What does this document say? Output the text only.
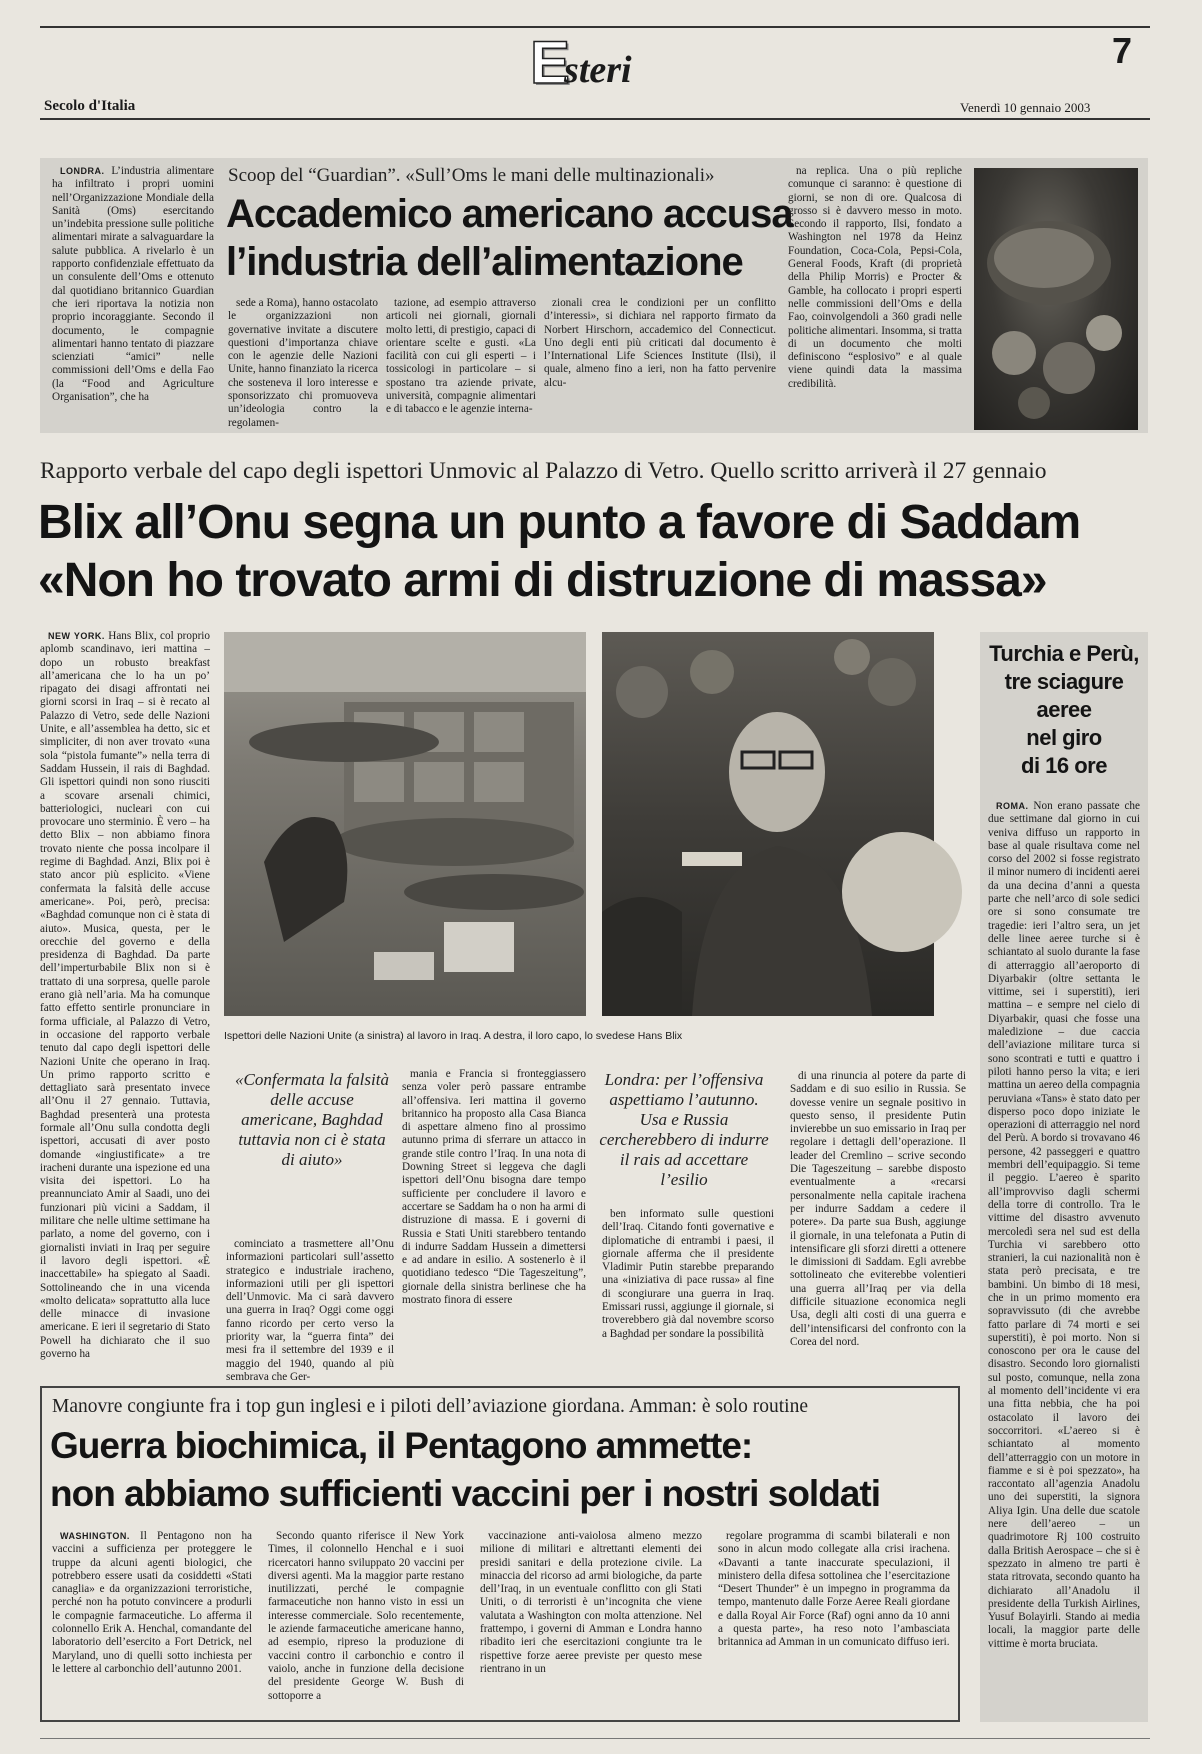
E
steri	7
Secolo d'Italia	Venerdì 10 gennaio 2003
Scoop del “Guardian”. «Sull’Oms le mani delle multinazionali»
Accademico americano accusa
l’industria dell’alimentazione

LONDRA. L’industria alimentare ha infiltrato i propri uomini nell’Organizzazione Mondiale della Sanità (Oms) esercitando un’indebita pressione sulle politiche alimentari mirate a salvaguardare la salute pubblica. A rivelarlo è un rapporto confidenziale effettuato da un consulente dell’Oms e ottenuto dal quotidiano britannico Guardian che ieri riportava la notizia non proprio incoraggiante. Secondo il documento, le compagnie alimentari hanno tentato di piazzare scienziati “amici” nelle commissioni dell’Oms e della Fao (la “Food and Agriculture Organisation”, che ha

sede a Roma), hanno ostacolato le organizzazioni non governative invitate a discutere questioni d’importanza chiave con le agenzie delle Nazioni Unite, hanno finanziato la ricerca che sosteneva il loro interesse e sponsorizzato chi promuoveva un’ideologia contro la regolamen-

tazione, ad esempio attraverso articoli nei giornali, giornali molto letti, di prestigio, capaci di orientare scelte e gusti. «La facilità con cui gli esperti – i tossicologi in particolare – si spostano tra aziende private, università, compagnie alimentari e di tabacco e le agenzie interna-

zionali crea le condizioni per un conflitto d’interessi», si dichiara nel rapporto firmato da Norbert Hirschorn, accademico del Connecticut. Uno degli enti più criticati dal documento è l’International Life Sciences Institute (Ilsi), il quale, almeno fino a ieri, non ha fatto pervenire alcu-

na replica. Una o più repliche comunque ci saranno: è questione di giorni, se non di ore. Qualcosa di grosso si è davvero messo in moto. Secondo il rapporto, Ilsi, fondato a Washington nel 1978 da Heinz Foundation, Coca-Cola, Pepsi-Cola, General Foods, Kraft (di proprietà della Philip Morris) e Procter & Gamble, ha collocato i propri esperti nelle commissioni dell’Oms e della Fao, coinvolgendoli a 360 gradi nelle politiche alimentari. Insomma, si tratta di un documento che molti definiscono “esplosivo” e al quale viene quindi data la massima credibilità.

Rapporto verbale del capo degli ispettori Unmovic al Palazzo di Vetro. Quello scritto arriverà il 27 gennaio
Blix all’Onu segna un punto a favore di Saddam
«Non ho trovato armi di distruzione di massa»

NEW YORK. Hans Blix, col proprio aplomb scandinavo, ieri mattina – dopo un robusto breakfast all’americana che lo ha un po’ ripagato dei disagi affrontati nei giorni scorsi in Iraq – si è recato al Palazzo di Vetro, sede delle Nazioni Unite, e all’assemblea ha detto, sic et simpliciter, di non aver trovato «una sola “pistola fumante”» nella terra di Saddam Hussein, il rais di Baghdad. Gli ispettori quindi non sono riusciti a scovare arsenali chimici, batteriologici, nucleari con cui provocare uno sterminio. È vero – ha detto Blix – non abbiamo finora trovato niente che possa incolpare il regime di Baghdad. Anzi, Blix poi è stato ancor più esplicito. «Viene confermata la falsità delle accuse americane». Poi, però, precisa: «Baghdad comunque non ci è stata di aiuto». Musica, questa, per le orecchie del governo e della presidenza di Baghdad. Da parte dell’imperturbabile Blix non si è trattato di una sorpresa, quelle parole erano già nell’aria. Ma ha comunque fatto effetto sentirle pronunciare in forma ufficiale, al Palazzo di Vetro, in occasione del rapporto verbale tenuto dal capo degli ispettori delle Nazioni Unite che operano in Iraq. Un primo rapporto scritto e dettagliato sarà presentato invece all’Onu il 27 gennaio. Tuttavia, Baghdad presenterà una protesta formale all’Onu sulla condotta degli ispettori, accusati di aver posto domande «ingiustificate» a tre iracheni durante una ispezione ed una visita dei ispettori. Lo ha preannunciato Amir al Saadi, uno dei funzionari più vicini a Saddam, il militare che nelle ultime settimane ha parlato, a nome del governo, con i giornalisti inviati in Iraq per seguire il lavoro degli ispettori. «È inaccettabile» ha spiegato al Saadi. Sottolineando che in una vicenda «molto delicata» soprattutto alla luce delle minacce di invasione americane. E ieri il segretario di Stato Powell ha dichiarato che il suo governo ha

Ispettori delle Nazioni Unite (a sinistra) al lavoro in Iraq. A destra, il loro capo, lo svedese Hans Blix
«Confermata la falsità delle accuse americane, Baghdad tuttavia non ci è stata di aiuto»

cominciato a trasmettere all’Onu informazioni particolari sull’assetto strategico e industriale iracheno, informazioni utili per gli ispettori dell’Unmovic. Ma ci sarà davvero una guerra in Iraq? Oggi come oggi fanno ricordo per certo verso la priority war, la “guerra finta” dei mesi fra il settembre del 1939 e il maggio del 1940, quando al più sembrava che Ger-

mania e Francia si fronteggiassero senza voler però passare entrambe all’offensiva. Ieri mattina il governo britannico ha proposto alla Casa Bianca di aspettare almeno fino al prossimo autunno prima di sferrare un attacco in grande stile contro l’Iraq. In una nota di Downing Street si leggeva che dagli ispettori dell’Onu bisogna dare tempo sufficiente per concludere il lavoro e accertare se Saddam ha o non ha armi di distruzione di massa. E i governi di Russia e Stati Uniti starebbero tentando di indurre Saddam Hussein a dimettersi e ad andare in esilio. A sostenerlo è il quotidiano tedesco “Die Tageszeitung”, giornale della sinistra berlinese che ha mostrato finora di essere

Londra: per l’offensiva aspettiamo l’autunno. Usa e Russia cercherebbero di indurre il rais ad accettare l’esilio

ben informato sulle questioni dell’Iraq. Citando fonti governative e diplomatiche di entrambi i paesi, il giornale afferma che il presidente Vladimir Putin starebbe preparando una «iniziativa di pace russa» al fine di scongiurare una guerra in Iraq. Emissari russi, aggiunge il giornale, si troverebbero già dal novembre scorso a Baghdad per sondare la possibilità

di una rinuncia al potere da parte di Saddam e di suo esilio in Russia. Se dovesse venire un segnale positivo in questo senso, il presidente Putin invierebbe un suo emissario in Iraq per regolare i dettagli dell’operazione. Il leader del Cremlino – scrive secondo Die Tageszeitung – sarebbe disposto eventualmente a «recarsi personalmente nella capitale irachena per indurre Saddam a cedere il potere». Da parte sua Bush, aggiunge il giornale, in una telefonata a Putin di intensificare gli sforzi diretti a ottenere le dimissioni di Saddam. Egli avrebbe sottolineato che eviterebbe volentieri una guerra all’Iraq per via della difficile situazione economica negli Usa, degli alti costi di una guerra e dell’intensificarsi del confronto con la Corea del nord.

Turchia e Perù,
tre sciagure
aeree
nel giro
di 16 ore

ROMA. Non erano passate che due settimane dal giorno in cui veniva diffuso un rapporto in base al quale risultava come nel corso del 2002 si fosse registrato il minor numero di incidenti aerei da una decina d’anni a questa parte che nell’arco di sole sedici ore si sono consumate tre tragedie: ieri l’altro sera, un jet delle linee aeree turche si è schiantato al suolo durante la fase di atterraggio all’aeroporto di Diyarbakir (oltre settanta le vittime, sei i superstiti), ieri mattina – e sempre nel cielo di Diyarbakir, quasi che fosse una maledizione – due caccia dell’aviazione militare turca si sono scontrati e tutti e quattro i piloti hanno perso la vita; e ieri mattina un aereo della compagnia peruviana «Tans» è stato dato per disperso poco dopo iniziate le operazioni di atterraggio nel nord del Perù. A bordo si trovavano 46 persone, 42 passeggeri e quattro membri dell’equipaggio. Si teme il peggio. L’aereo è sparito all’improvviso dagli schermi della torre di controllo. Tra le vittime del disastro avvenuto mercoledì sera nel sud est della Turchia vi sarebbero otto stranieri, la cui nazionalità non è stata però precisata, e tre bambini. Un bimbo di 18 mesi, che in un primo momento era sopravvissuto (di che avrebbe fatto parlare di 74 morti e sei superstiti), è poi morto. Non si conoscono per ora le cause del disastro. Secondo loro giornalisti sul posto, comunque, nella zona al momento dell’incidente vi era una fitta nebbia, che ha poi ostacolato il lavoro dei soccorritori. «L’aereo si è schiantato al momento dell’atterraggio con un motore in fiamme e si è poi spezzato», ha raccontato all’agenzia Anadolu uno dei superstiti, la signora Aliya Igin. Una delle due scatole nere dell’aereo – un quadrimotore Rj 100 costruito dalla British Aerospace – che si è spezzato in almeno tre parti è stata ritrovata, secondo quanto ha dichiarato all’Anadolu il presidente della Turkish Airlines, Yusuf Bolayirli. Stando ai media locali, la maggior parte delle vittime è morta bruciata.

Manovre congiunte fra i top gun inglesi e i piloti dell’aviazione giordana. Amman: è solo routine
Guerra biochimica, il Pentagono ammette:
non abbiamo sufficienti vaccini per i nostri soldati

WASHINGTON. Il Pentagono non ha vaccini a sufficienza per proteggere le truppe da alcuni agenti biologici, che potrebbero essere usati da cosiddetti «Stati canaglia» e da organizzazioni terroristiche, perché non ha potuto convincere a produrli le compagnie farmaceutiche. Lo afferma il colonnello Erik A. Henchal, comandante del laboratorio dell’esercito a Fort Detrick, nel Maryland, uno di quelli sotto inchiesta per le lettere al carbonchio dell’autunno 2001.

Secondo quanto riferisce il New York Times, il colonnello Henchal e i suoi ricercatori hanno sviluppato 20 vaccini per diversi agenti. Ma la maggior parte restano inutilizzati, perché le compagnie farmaceutiche non hanno visto in essi un interesse commerciale. Solo recentemente, le aziende farmaceutiche americane hanno, ad esempio, ripreso la produzione di vaccini contro il carbonchio e contro il vaiolo, anche in funzione della decisione del presidente George W. Bush di sottoporre a

vaccinazione anti-vaiolosa almeno mezzo milione di militari e altrettanti elementi dei presidi sanitari e della protezione civile. La minaccia del ricorso ad armi biologiche, da parte dell’Iraq, in un eventuale conflitto con gli Stati Uniti, o di terroristi è un’incognita che viene valutata a Washington con molta attenzione. Nel frattempo, i governi di Amman e Londra hanno ribadito ieri che esercitazioni congiunte tra le rispettive forze aeree previste per questo mese rientrano in un

regolare programma di scambi bilaterali e non sono in alcun modo collegate alla crisi irachena. «Davanti a tante inaccurate speculazioni, il ministero della difesa sottolinea che l’esercitazione “Desert Thunder” è un impegno in programma da tempo, mantenuto dalle Forze Aeree Reali giordane e dalla Royal Air Force (Raf) ogni anno da 10 anni a questa parte», ha reso noto l’ambasciata britannica ad Amman in un comunicato diffuso ieri.
